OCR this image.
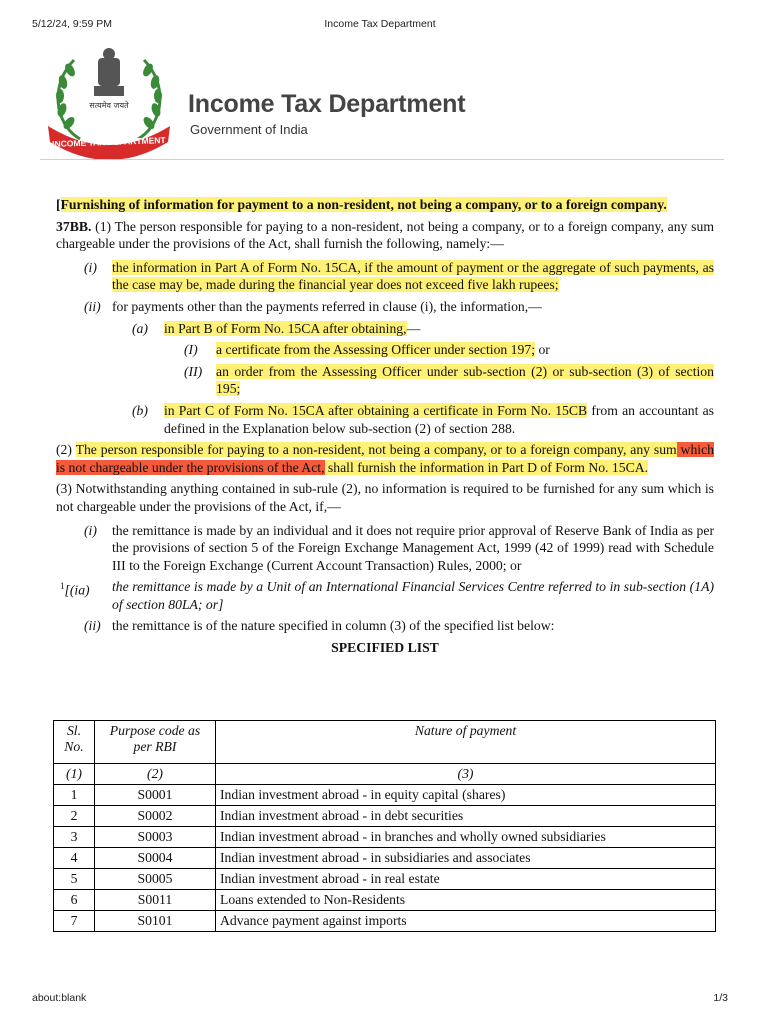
5/12/24, 9:59 PM	Income Tax Department
सत्यमेव जयते
INCOME TAX DEPARTMENT
Income Tax Department
Government of India

[Furnishing of information for payment to a non-resident, not being a company, or to a foreign company.

37BB. (1) The person responsible for paying to a non-resident, not being a company, or to a foreign company, any sum chargeable under the provisions of the Act, shall furnish the following, namely:—

(i)	the information in Part A of Form No. 15CA, if the amount of payment or the aggregate of such payments, as the case may be, made during the financial year does not exceed five lakh rupees;

(ii) for payments other than the payments referred in clause (i), the information,—

(a)	in Part B of Form No. 15CA after obtaining,—

(I)	a certificate from the Assessing Officer under section 197; or

(II)	an order from the Assessing Officer under sub-section (2) or sub-section (3) of section 195;

(b)	in Part C of Form No. 15CA after obtaining a certificate in Form No. 15CB from an accountant as defined in the Explanation below sub-section (2) of section 288.

(2) The person responsible for paying to a non-resident, not being a company, or to a foreign company, any sum which is not chargeable under the provisions of the Act, shall furnish the information in Part D of Form No. 15CA.

(3) Notwithstanding anything contained in sub-rule (2), no information is required to be furnished for any sum which is not chargeable under the provisions of the Act, if,—

(i)	the remittance is made by an individual and it does not require prior approval of Reserve Bank of India as per the provisions of section 5 of the Foreign Exchange Management Act, 1999 (42 of 1999) read with Schedule III to the Foreign Exchange (Current Account Transaction) Rules, 2000; or

$^1$[(ia)	the remittance is made by a Unit of an International Financial Services Centre referred to in sub-section (1A) of section 80LA; or]

(ii) the remittance is of the nature specified in column (3) of the specified list below:

SPECIFIED LIST

Sl. No.	Purpose code as per RBI	Nature of payment
(1)	(2)	(3)
1	S0001	Indian investment abroad - in equity capital (shares)
2	S0002	Indian investment abroad - in debt securities
3	S0003	Indian investment abroad - in branches and wholly owned subsidiaries
4	S0004	Indian investment abroad - in subsidiaries and associates
5	S0005	Indian investment abroad - in real estate
6	S0011	Loans extended to Non-Residents
7	S0101	Advance payment against imports
about:blank	1/3
